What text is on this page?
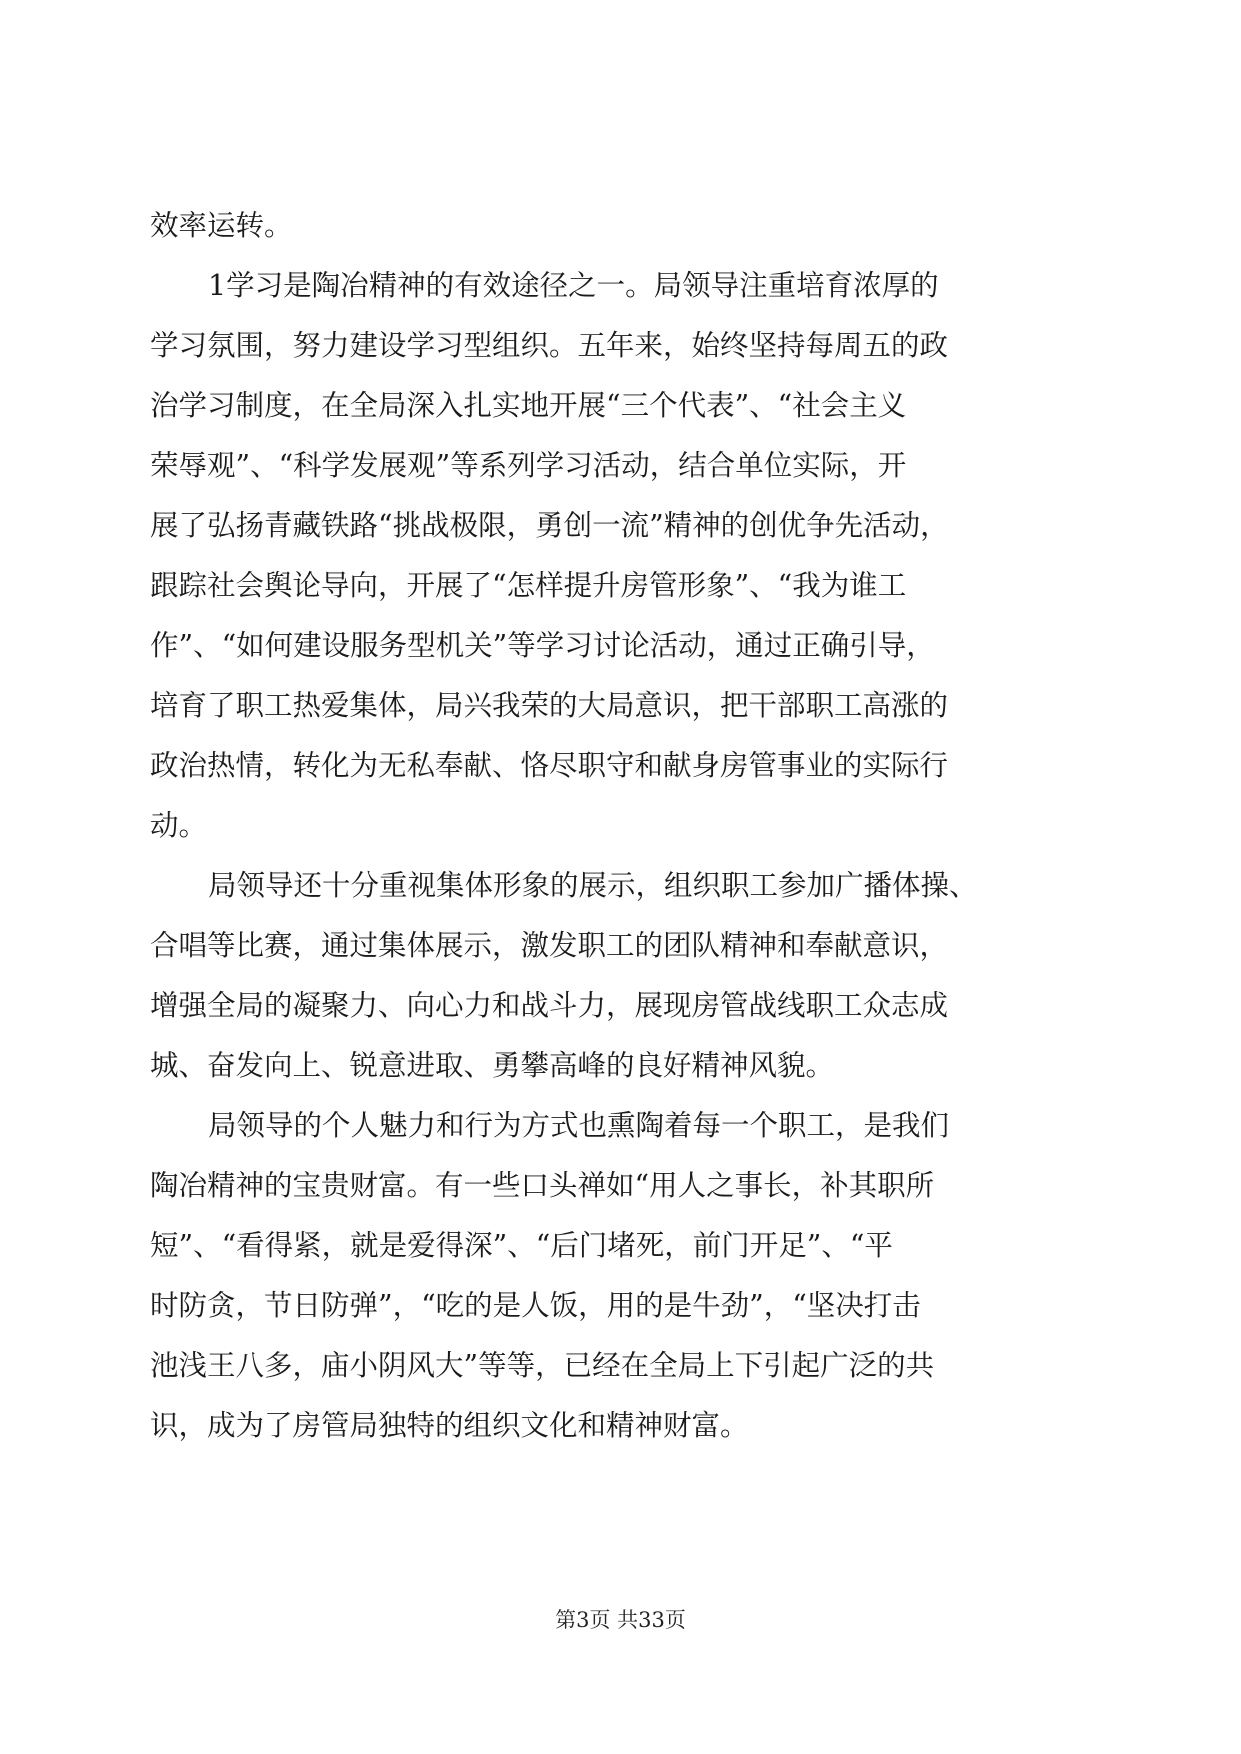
效率运转。
1学习是陶冶精神的有效途径之一。局领导注重培育浓厚的
学习氛围，努力建设学习型组织。五年来，始终坚持每周五的政
治学习制度，在全局深入扎实地开展“三个代表”、“社会主义
荣辱观”、“科学发展观”等系列学习活动，结合单位实际，开
展了弘扬青藏铁路“挑战极限，勇创一流”精神的创优争先活动，
跟踪社会舆论导向，开展了“怎样提升房管形象”、“我为谁工
作”、“如何建设服务型机关”等学习讨论活动，通过正确引导，
培育了职工热爱集体，局兴我荣的大局意识，把干部职工高涨的
政治热情，转化为无私奉献、恪尽职守和献身房管事业的实际行
动。
局领导还十分重视集体形象的展示，组织职工参加广播体操、
合唱等比赛，通过集体展示，激发职工的团队精神和奉献意识，
增强全局的凝聚力、向心力和战斗力，展现房管战线职工众志成
城、奋发向上、锐意进取、勇攀高峰的良好精神风貌。
局领导的个人魅力和行为方式也熏陶着每一个职工，是我们
陶冶精神的宝贵财富。有一些口头禅如“用人之事长，补其职所
短”、“看得紧，就是爱得深”、“后门堵死，前门开足”、“平
时防贪，节日防弹”，“吃的是人饭，用的是牛劲”，“坚决打击
池浅王八多，庙小阴风大”等等，已经在全局上下引起广泛的共
识，成为了房管局独特的组织文化和精神财富。
第3页 共33页
